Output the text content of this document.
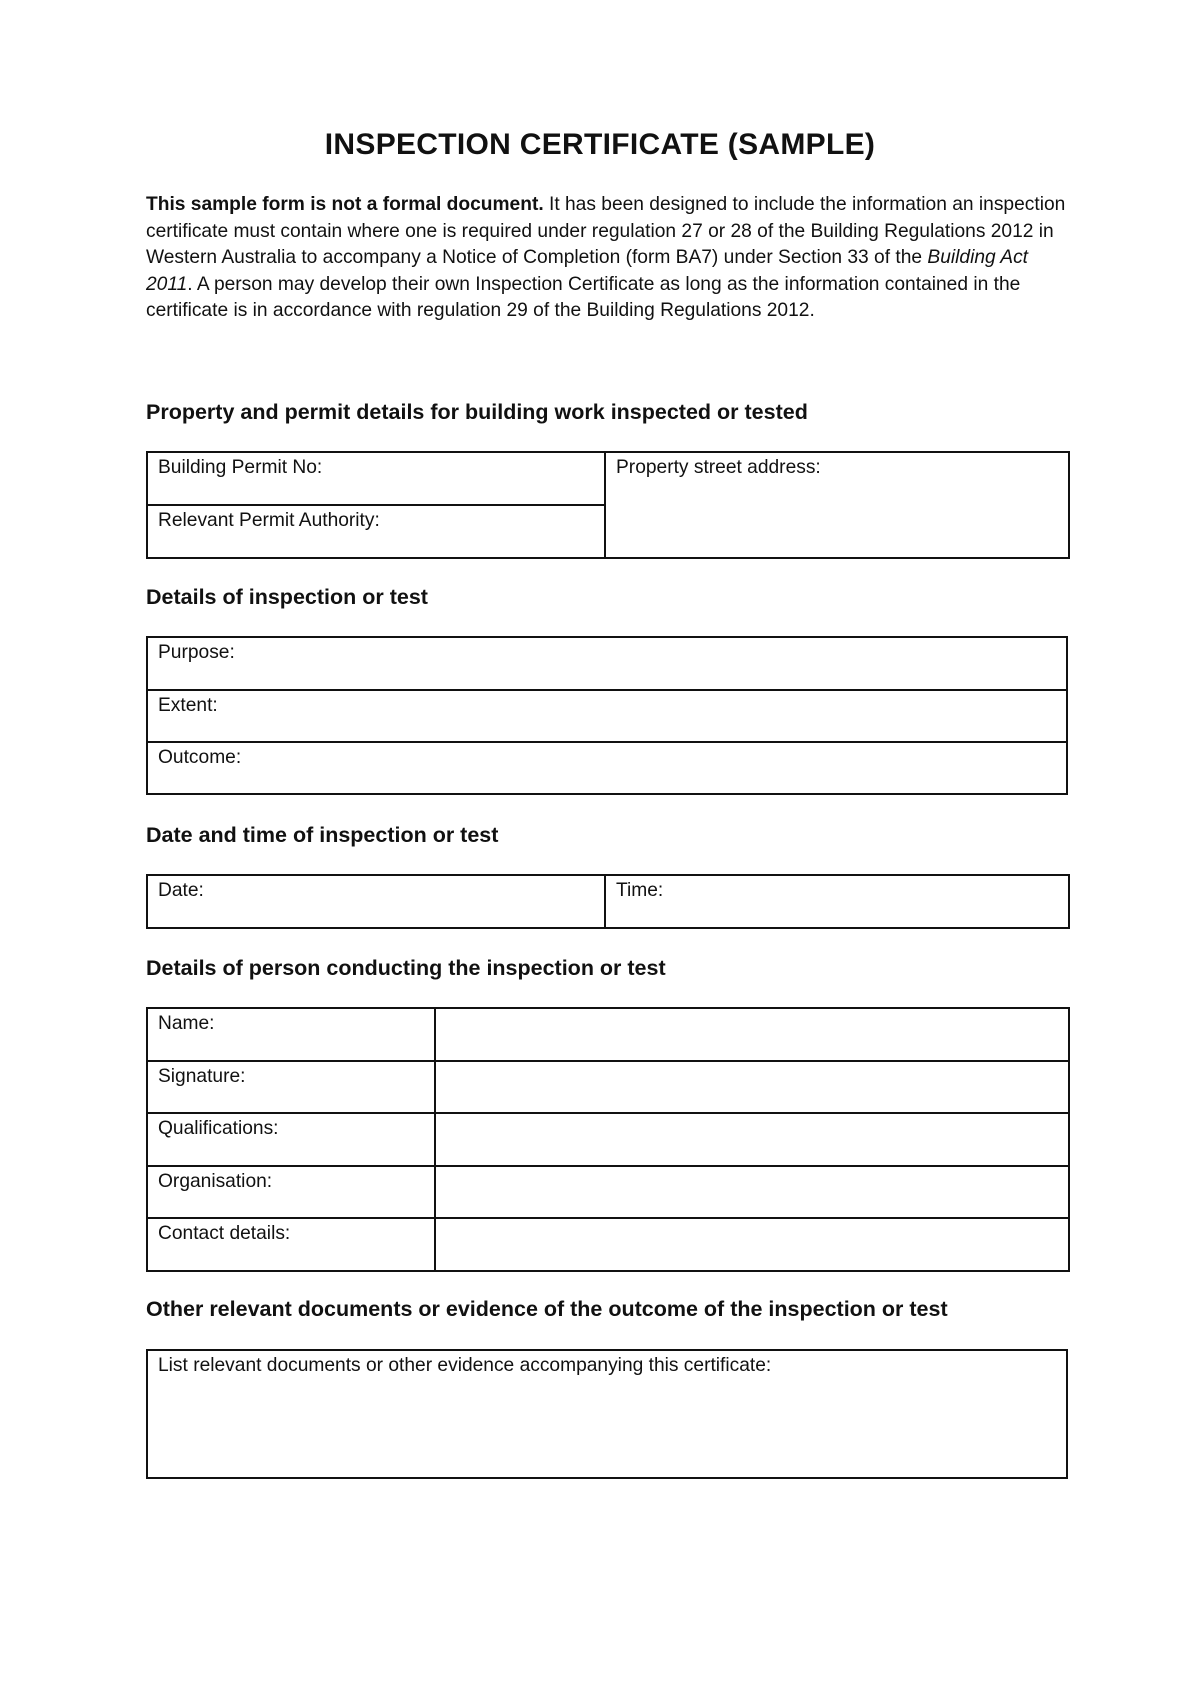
INSPECTION CERTIFICATE (SAMPLE)
This sample form is not a formal document. It has been designed to include the information an inspection certificate must contain where one is required under regulation 27 or 28 of the Building Regulations 2012 in Western Australia to accompany a Notice of Completion (form BA7) under Section 33 of the Building Act 2011. A person may develop their own Inspection Certificate as long as the information contained in the certificate is in accordance with regulation 29 of the Building Regulations 2012.
Property and permit details for building work inspected or tested
Building Permit No:	Property street address:
Relevant Permit Authority:
Details of inspection or test
Purpose:
Extent:
Outcome:
Date and time of inspection or test
Date:	Time:
Details of person conducting the inspection or test
Name:	
Signature:	
Qualifications:	
Organisation:	
Contact details:	
Other relevant documents or evidence of the outcome of the inspection or test
List relevant documents or other evidence accompanying this certificate:
